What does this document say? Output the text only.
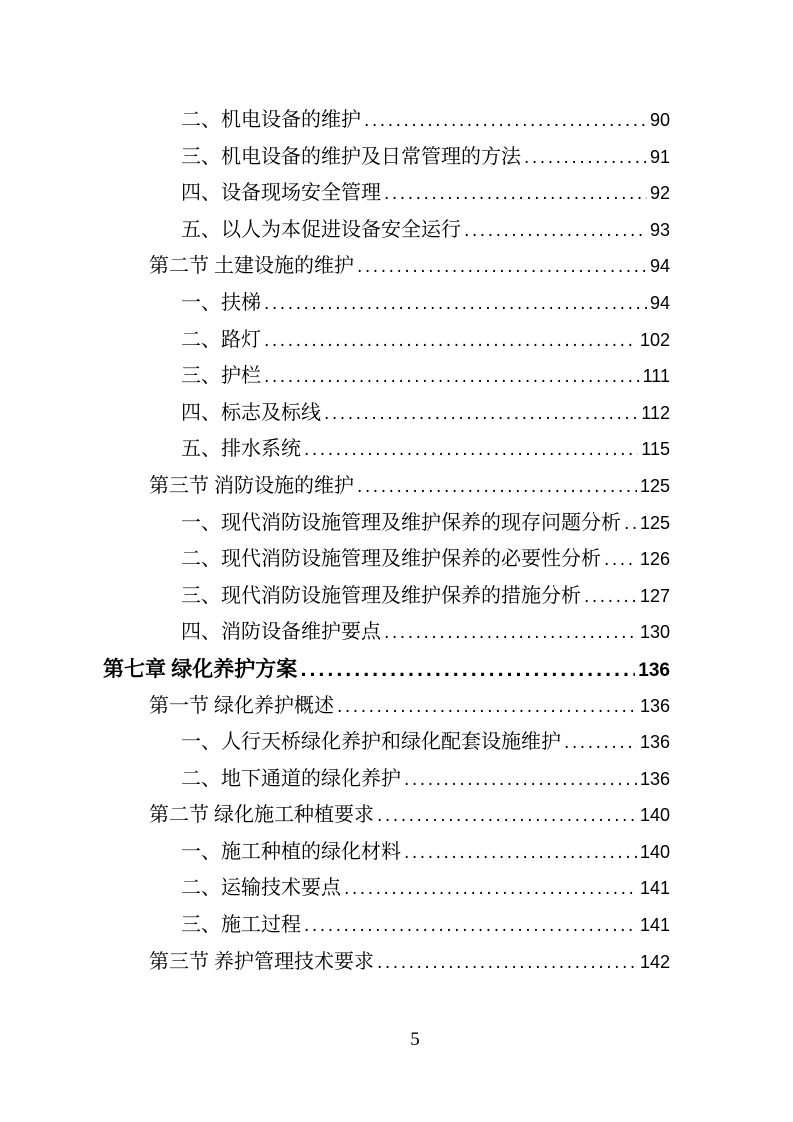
二、机电设备的维护 .....	90
三、机电设备的维护及日常管理的方法 .....	91
四、设备现场安全管理 .....	92
五、以人为本促进设备安全运行 .....	93
第二节 土建设施的维护 .....	94
一、扶梯 .....	94
二、路灯 .....	102
三、护栏 .....	111
四、标志及标线 .....	112
五、排水系统 .....	115
第三节 消防设施的维护 .....	125
一、现代消防设施管理及维护保养的现存问题分析 ..... 125
二、现代消防设施管理及维护保养的必要性分析 ..... 126
三、现代消防设施管理及维护保养的措施分析 .....	127
四、消防设备维护要点 .....	130
第七章 绿化养护方案 .....	136
第一节 绿化养护概述 .....	136
一、人行天桥绿化养护和绿化配套设施维护 .....	136
二、地下通道的绿化养护 .....	136
第二节 绿化施工种植要求 .....	140
一、施工种植的绿化材料 .....	140
二、运输技术要点 .....	141
三、施工过程 .....	141
第三节 养护管理技术要求 .....	142
5
